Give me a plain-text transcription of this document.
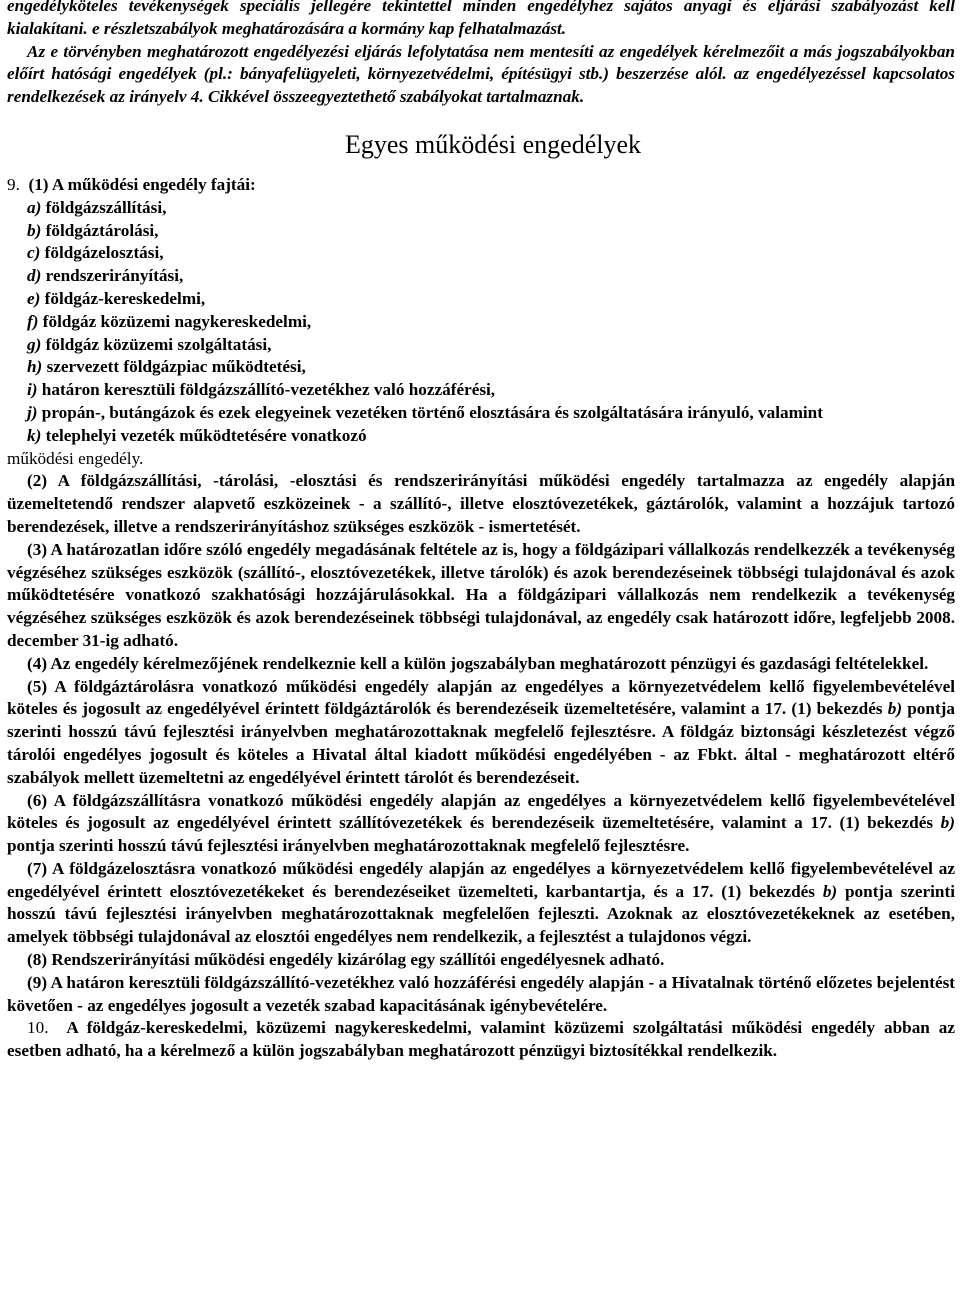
engedélyköteles tevékenységek speciális jellegére tekintettel minden engedélyhez sajátos anyagi és eljárási szabályozást kell kialakítani. e részletszabályok meghatározására a kormány kap felhatalmazást.

Az e törvényben meghatározott engedélyezési eljárás lefolytatása nem mentesíti az engedélyek kérelmezőit a más jogszabályokban előírt hatósági engedélyek (pl.: bányafelügyeleti, környezetvédelmi, építésügyi stb.) beszerzése alól. az engedélyezéssel kapcsolatos rendelkezések az irányelv 4. Cikkével összeegyeztethető szabályokat tartalmaznak.

Egyes működési engedélyek

9.  (1) A működési engedély fajtái:

a) földgázszállítási,

b) földgáztárolási,

c) földgázelosztási,

d) rendszerirányítási,

e) földgáz-kereskedelmi,

f) földgáz közüzemi nagykereskedelmi,

g) földgáz közüzemi szolgáltatási,

h) szervezett földgázpiac működtetési,

i) határon keresztüli földgázszállító-vezetékhez való hozzáférési,

j) propán-, butángázok és ezek elegyeinek vezetéken történő elosztására és szolgáltatására irányuló, valamint

k) telephelyi vezeték működtetésére vonatkozó

működési engedély.

(2) A földgázszállítási, -tárolási, -elosztási és rendszerirányítási működési engedély tartalmazza az engedély alapján üzemeltetendő rendszer alapvető eszközeinek - a szállító-, illetve elosztóvezetékek, gáztárolók, valamint a hozzájuk tartozó berendezések, illetve a rendszerirányításhoz szükséges eszközök - ismertetését.

(3) A határozatlan időre szóló engedély megadásának feltétele az is, hogy a földgázipari vállalkozás rendelkezzék a tevékenység végzéséhez szükséges eszközök (szállító-, elosztóvezetékek, illetve tárolók) és azok berendezéseinek többségi tulajdonával és azok működtetésére vonatkozó szakhatósági hozzájárulásokkal. Ha a földgázipari vállalkozás nem rendelkezik a tevékenység végzéséhez szükséges eszközök és azok berendezéseinek többségi tulajdonával, az engedély csak határozott időre, legfeljebb 2008. december 31-ig adható.

(4) Az engedély kérelmezőjének rendelkeznie kell a külön jogszabályban meghatározott pénzügyi és gazdasági feltételekkel.

(5) A földgáztárolásra vonatkozó működési engedély alapján az engedélyes a környezetvédelem kellő figyelembevételével köteles és jogosult az engedélyével érintett földgáztárolók és berendezéseik üzemeltetésére, valamint a 17. (1) bekezdés b) pontja szerinti hosszú távú fejlesztési irányelvben meghatározottaknak megfelelő fejlesztésre. A földgáz biztonsági készletezést végző tárolói engedélyes jogosult és köteles a Hivatal által kiadott működési engedélyében - az Fbkt. által - meghatározott eltérő szabályok mellett üzemeltetni az engedélyével érintett tárolót és berendezéseit.

(6) A földgázszállításra vonatkozó működési engedély alapján az engedélyes a környezetvédelem kellő figyelembevételével köteles és jogosult az engedélyével érintett szállítóvezetékek és berendezéseik üzemeltetésére, valamint a 17. (1) bekezdés b) pontja szerinti hosszú távú fejlesztési irányelvben meghatározottaknak megfelelő fejlesztésre.

(7) A földgázelosztásra vonatkozó működési engedély alapján az engedélyes a környezetvédelem kellő figyelembevételével az engedélyével érintett elosztóvezetékeket és berendezéseiket üzemelteti, karbantartja, és a 17. (1) bekezdés b) pontja szerinti hosszú távú fejlesztési irányelvben meghatározottaknak megfelelően fejleszti. Azoknak az elosztóvezetékeknek az esetében, amelyek többségi tulajdonával az elosztói engedélyes nem rendelkezik, a fejlesztést a tulajdonos végzi.

(8) Rendszerirányítási működési engedély kizárólag egy szállítói engedélyesnek adható.

(9) A határon keresztüli földgázszállító-vezetékhez való hozzáférési engedély alapján - a Hivatalnak történő előzetes bejelentést követően - az engedélyes jogosult a vezeték szabad kapacitásának igénybevételére.

10.  A földgáz-kereskedelmi, közüzemi nagykereskedelmi, valamint közüzemi szolgáltatási működési engedély abban az esetben adható, ha a kérelmező a külön jogszabályban meghatározott pénzügyi biztosítékkal rendelkezik.
